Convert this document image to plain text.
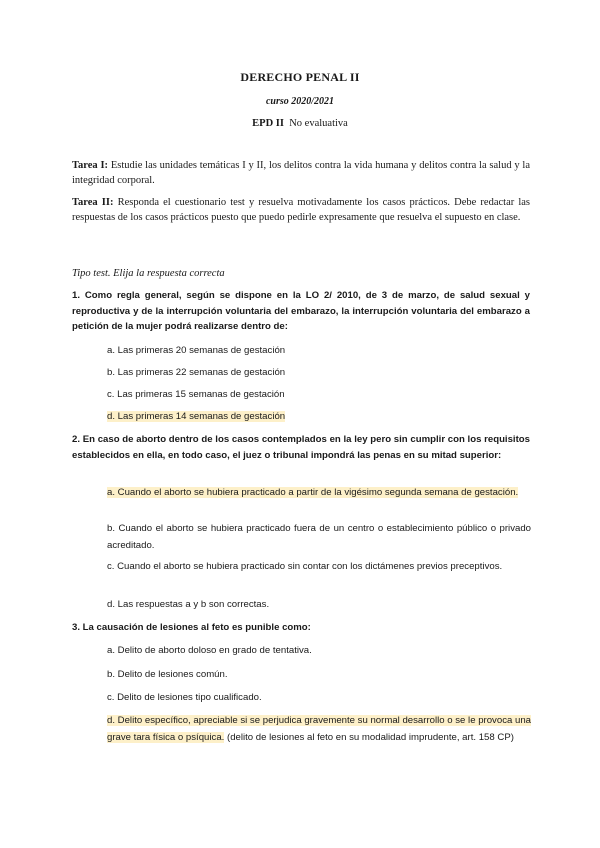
DERECHO PENAL II
curso 2020/2021
EPD II No evaluativa
Tarea I: Estudie las unidades temáticas I y II, los delitos contra la vida humana y delitos contra la salud y la integridad corporal.
Tarea II: Responda el cuestionario test y resuelva motivadamente los casos prácticos. Debe redactar las respuestas de los casos prácticos puesto que puedo pedirle expresamente que resuelva el supuesto en clase.
Tipo test. Elija la respuesta correcta
1. Como regla general, según se dispone en la LO 2/ 2010, de 3 de marzo, de salud sexual y reproductiva y de la interrupción voluntaria del embarazo, la interrupción voluntaria del embarazo a petición de la mujer podrá realizarse dentro de:
a. Las primeras 20 semanas de gestación
b. Las primeras 22 semanas de gestación
c. Las primeras 15 semanas de gestación
d. Las primeras 14 semanas de gestación
2. En caso de aborto dentro de los casos contemplados en la ley pero sin cumplir con los requisitos establecidos en ella, en todo caso, el juez o tribunal impondrá las penas en su mitad superior:
a. Cuando el aborto se hubiera practicado a partir de la vigésimo segunda semana de gestación.
b. Cuando el aborto se hubiera practicado fuera de un centro o establecimiento público o privado acreditado.
c. Cuando el aborto se hubiera practicado sin contar con los dictámenes previos preceptivos.
d. Las respuestas a y b son correctas.
3. La causación de lesiones al feto es punible como:
a. Delito de aborto doloso en grado de tentativa.
b. Delito de lesiones común.
c. Delito de lesiones tipo cualificado.
d. Delito específico, apreciable si se perjudica gravemente su normal desarrollo o se le provoca una grave tara física o psíquica. (delito de lesiones al feto en su modalidad imprudente, art. 158 CP)
